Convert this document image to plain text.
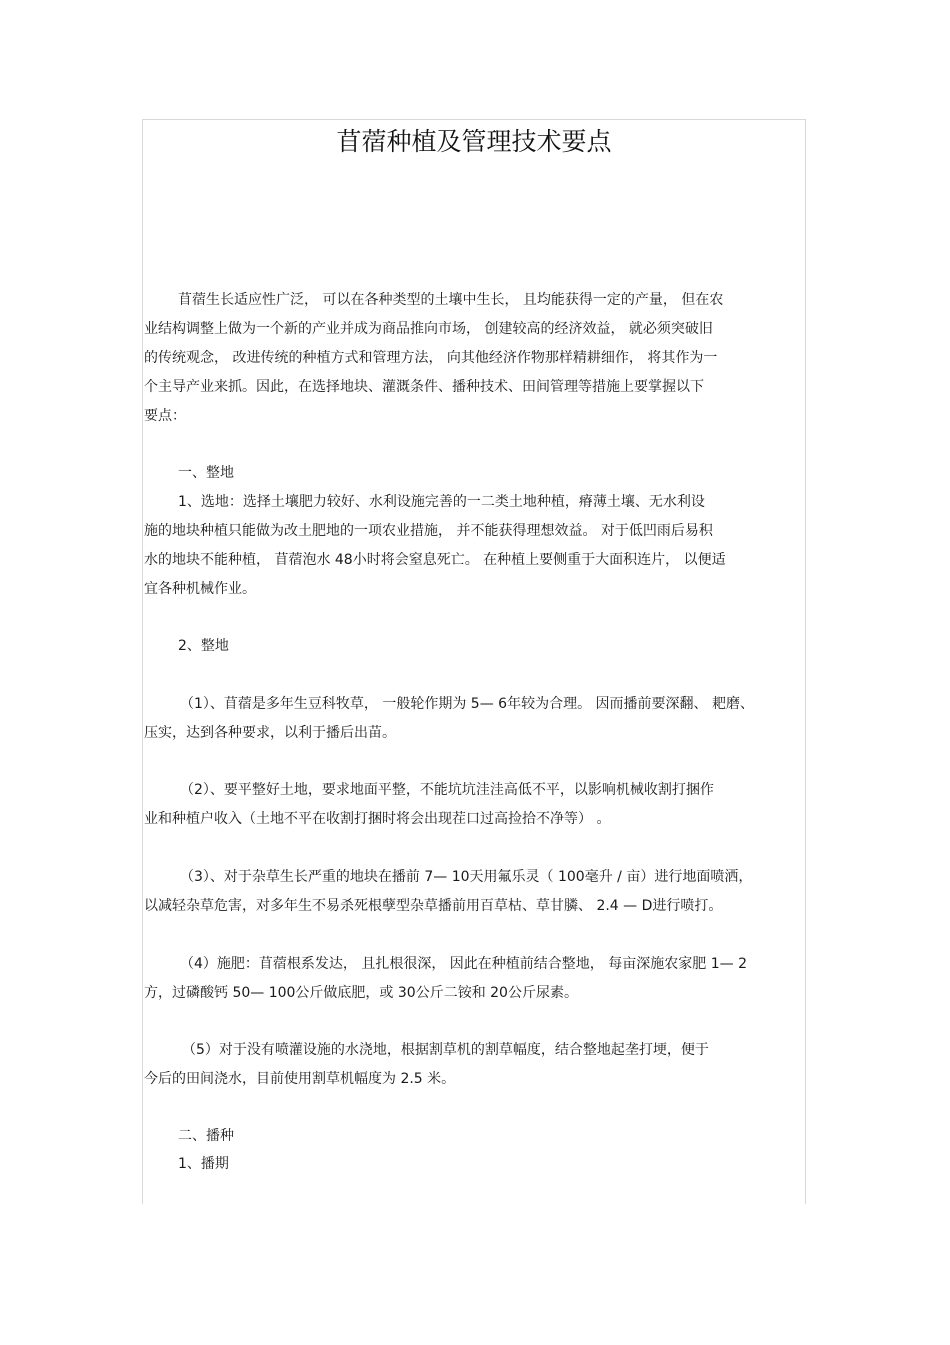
苜蓿种植及管理技术要点
苜蓿生长适应性广泛， 可以在各种类型的土壤中生长， 且均能获得一定的产量， 但在农
业结构调整上做为一个新的产业并成为商品推向市场， 创建较高的经济效益， 就必须突破旧
的传统观念， 改进传统的种植方式和管理方法， 向其他经济作物那样精耕细作， 将其作为一
个主导产业来抓。因此，在选择地块、灌溉条件、播种技术、田间管理等措施上要掌握以下
要点：
一、整地
1、选地：选择土壤肥力较好、水利设施完善的一二类土地种植，瘠薄土壤、无水利设
施的地块种植只能做为改土肥地的一项农业措施， 并不能获得理想效益。 对于低凹雨后易积
水的地块不能种植， 苜蓿泡水 48小时将会窒息死亡。 在种植上要侧重于大面积连片， 以便适
宜各种机械作业。
2、整地
（1）、苜蓿是多年生豆科牧草， 一般轮作期为 5— 6年较为合理。 因而播前要深翻、 耙磨、
压实，达到各种要求，以利于播后出苗。
（2）、要平整好土地，要求地面平整，不能坑坑洼洼高低不平，以影响机械收割打捆作
业和种植户收入（土地不平在收割打捆时将会出现茬口过高捡拾不净等） 。
（3）、对于杂草生长严重的地块在播前 7— 10天用氟乐灵（ 100毫升 / 亩）进行地面喷洒，
以减轻杂草危害，对多年生不易杀死根孽型杂草播前用百草枯、草甘膦、 2.4 — D进行喷打。
（4）施肥：苜蓿根系发达， 且扎根很深， 因此在种植前结合整地， 每亩深施农家肥 1— 2
方，过磷酸钙 50— 100公斤做底肥，或 30公斤二铵和 20公斤尿素。
（5）对于没有喷灌设施的水浇地，根据割草机的割草幅度，结合整地起垄打埂，便于
今后的田间浇水，目前使用割草机幅度为 2.5 米。
二、播种
1、播期
